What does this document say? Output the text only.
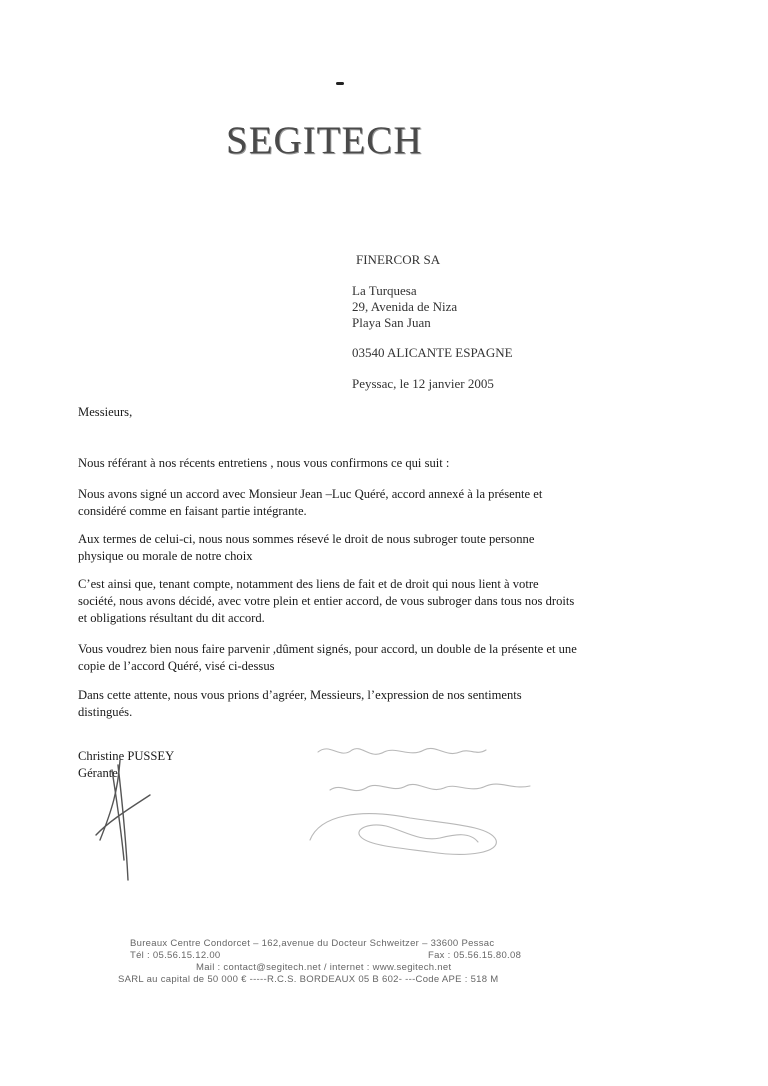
SEGITECH
FINERCOR SA
La Turquesa
29, Avenida de Niza
Playa San Juan
03540 ALICANTE ESPAGNE
Peyssac, le 12 janvier 2005
Messieurs,
Nous référant à nos récents entretiens , nous vous confirmons ce qui suit :
Nous avons signé un accord avec Monsieur Jean –Luc Quéré, accord annexé à la présente et considéré comme en faisant partie intégrante.
Aux termes de celui-ci, nous nous sommes résevé le droit de nous subroger toute personne physique ou morale de notre choix
C’est ainsi que, tenant compte, notamment des liens de fait et de droit qui nous lient à votre société, nous avons décidé, avec votre plein et entier accord, de vous subroger dans tous nos droits et obligations résultant du dit accord.
Vous voudrez bien nous faire parvenir ,dûment signés, pour accord, un double de la présente et une copie de l’accord Quéré, visé ci-dessus
Dans cette attente, nous vous prions d’agréer, Messieurs, l’expression de nos sentiments distingués.
Christine PUSSEY
Gérante
Bureaux Centre Condorcet – 162,avenue du Docteur Schweitzer – 33600 Pessac
Tél : 05.56.15.12.00	Fax : 05.56.15.80.08
Mail : contact@segitech.net / internet : www.segitech.net
SARL au capital de 50 000 € -----R.C.S. BORDEAUX 05 B 602- ---Code APE : 518 M
